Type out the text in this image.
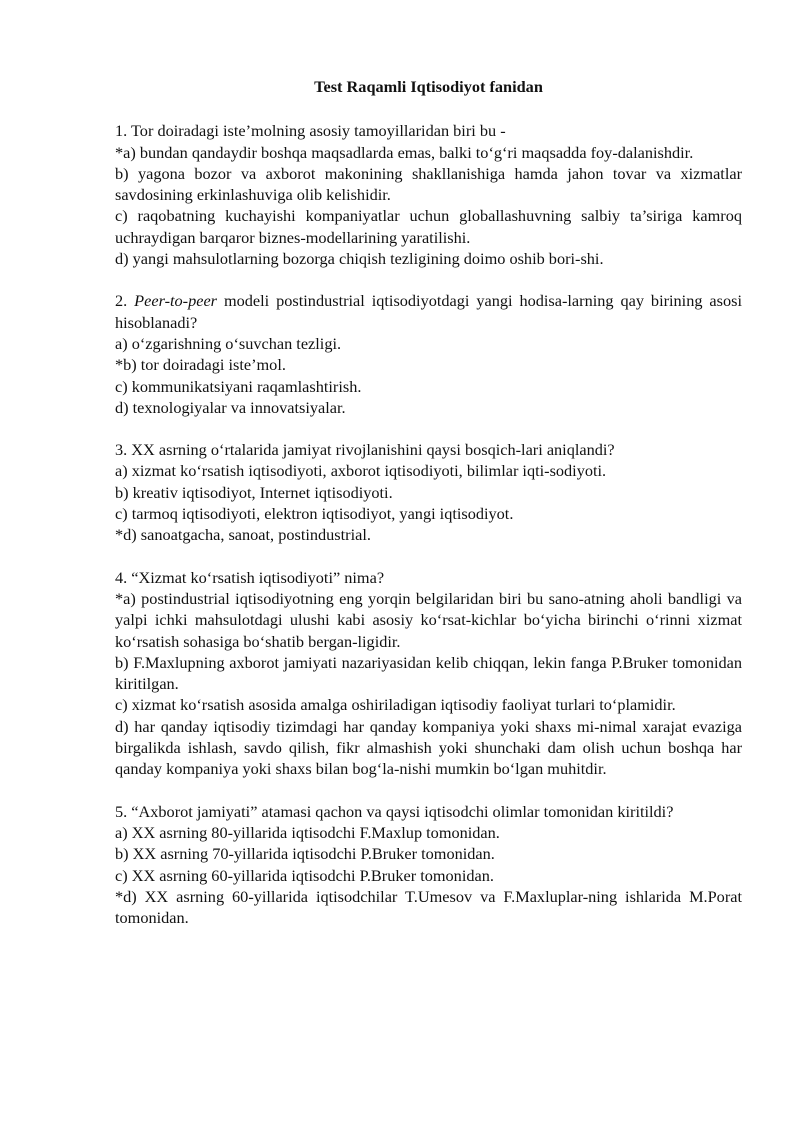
Test Raqamli Iqtisodiyot fanidan

1. Tor doiradagi iste’molning asosiy tamoyillaridan biri bu -

*a) bundan qandaydir boshqa maqsadlarda emas, balki to‘g‘ri maqsadda foy-dalanishdir.

b) yagona bozor va axborot makonining shakllanishiga hamda jahon tovar va xizmatlar savdosining erkinlashuviga olib kelishidir.

c) raqobatning kuchayishi kompaniyatlar uchun globallashuvning salbiy ta’siriga kamroq uchraydigan barqaror biznes-modellarining yaratilishi.

d) yangi mahsulotlarning bozorga chiqish tezligining doimo oshib bori-shi.

2. Peer-to-peer modeli postindustrial iqtisodiyotdagi yangi hodisa-larning qay birining asosi hisoblanadi?

a) o‘zgarishning o‘suvchan tezligi.

*b) tor doiradagi iste’mol.

c) kommunikatsiyani raqamlashtirish.

d) texnologiyalar va innovatsiyalar.

3. XX asrning o‘rtalarida jamiyat rivojlanishini qaysi bosqich-lari aniqlandi?

a) xizmat ko‘rsatish iqtisodiyoti, axborot iqtisodiyoti, bilimlar iqti-sodiyoti.

b) kreativ iqtisodiyot, Internet iqtisodiyoti.

c) tarmoq iqtisodiyoti, elektron iqtisodiyot, yangi iqtisodiyot.

*d) sanoatgacha, sanoat, postindustrial.

4. “Xizmat ko‘rsatish iqtisodiyoti” nima?

*a) postindustrial iqtisodiyotning eng yorqin belgilaridan biri bu sano-atning aholi bandligi va yalpi ichki mahsulotdagi ulushi kabi asosiy ko‘rsat-kichlar bo‘yicha birinchi o‘rinni xizmat ko‘rsatish sohasiga bo‘shatib bergan-ligidir.

b) F.Maxlupning axborot jamiyati nazariyasidan kelib chiqqan, lekin fanga P.Bruker tomonidan kiritilgan.

c) xizmat ko‘rsatish asosida amalga oshiriladigan iqtisodiy faoliyat turlari to‘plamidir.

d) har qanday iqtisodiy tizimdagi har qanday kompaniya yoki shaxs mi-nimal xarajat evaziga birgalikda ishlash, savdo qilish, fikr almashish yoki shunchaki dam olish uchun boshqa har qanday kompaniya yoki shaxs bilan bog‘la-nishi mumkin bo‘lgan muhitdir.

5. “Axborot jamiyati” atamasi qachon va qaysi iqtisodchi olimlar tomonidan kiritildi?

a) XX asrning 80-yillarida iqtisodchi F.Maxlup tomonidan.

b) XX asrning 70-yillarida iqtisodchi P.Bruker tomonidan.

c) XX asrning 60-yillarida iqtisodchi P.Bruker tomonidan.

*d) XX asrning 60-yillarida iqtisodchilar T.Umesov va F.Maxluplar-ning ishlarida M.Porat tomonidan.
